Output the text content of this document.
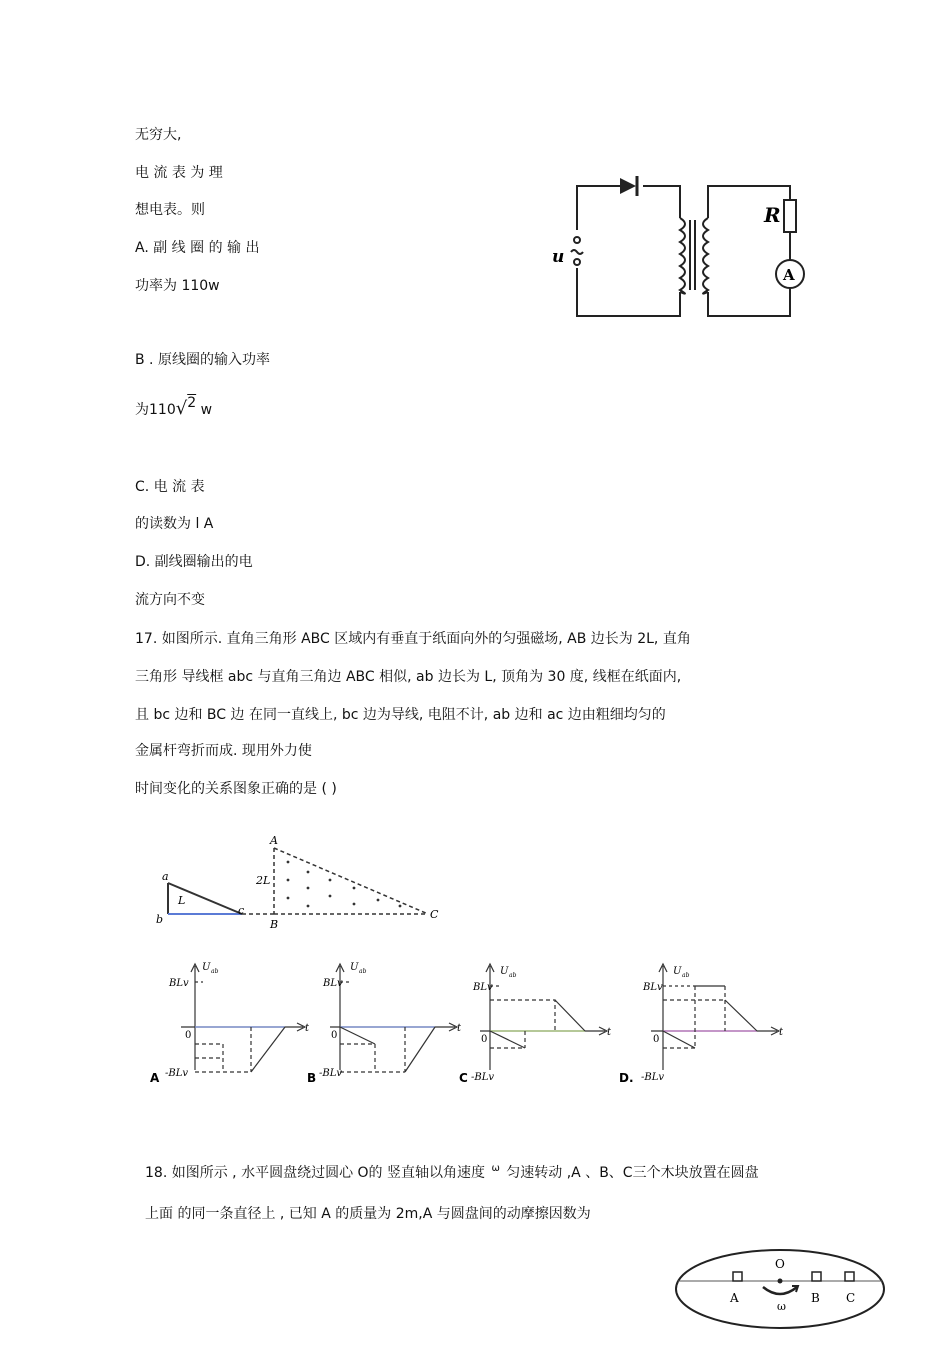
无穷大,
电 流 表 为 理
想电表。则
A. 副 线 圈 的 输 出
功率为 110w
B . 原线圈的输入功率
为110√2 w
C. 电 流 表
的读数为 l A
D. 副线圈输出的电
流方向不变
u
R
A
17. 如图所示. 直角三角形 ABC 区域内有垂直于纸面向外的匀强磁场, AB 边长为 2L, 直角
三角形 导线框 abc 与直角三角边 ABC 相似, ab 边长为 L, 顶角为 30 度, 线框在纸面内,
且 bc 边和 BC 边 在同一直线上, bc 边为导线, 电阻不计, ab 边和 ac 边由粗细均匀的
金属杆弯折而成. 现用外力使
时间变化的关系图象正确的是 ( )
a
b
c
L
A
B
C
2L
U ab
t
BLv
0
-BLv
A
U ab
t
BLv
0
-BLv
B
U ab
t
BLv
0
-BLv
C
U ab
t
BLv
0
-BLv
D.
18. 如图所示 , 水平圆盘绕过圆心 O的 竖直轴以角速度 $^\omega$ 匀速转动 ,A 、B、C三个木块放置在圆盘
上面 的同一条直径上 , 已知 A 的质量为 2m,A 与圆盘间的动摩擦因数为
O
A	B C
ω
